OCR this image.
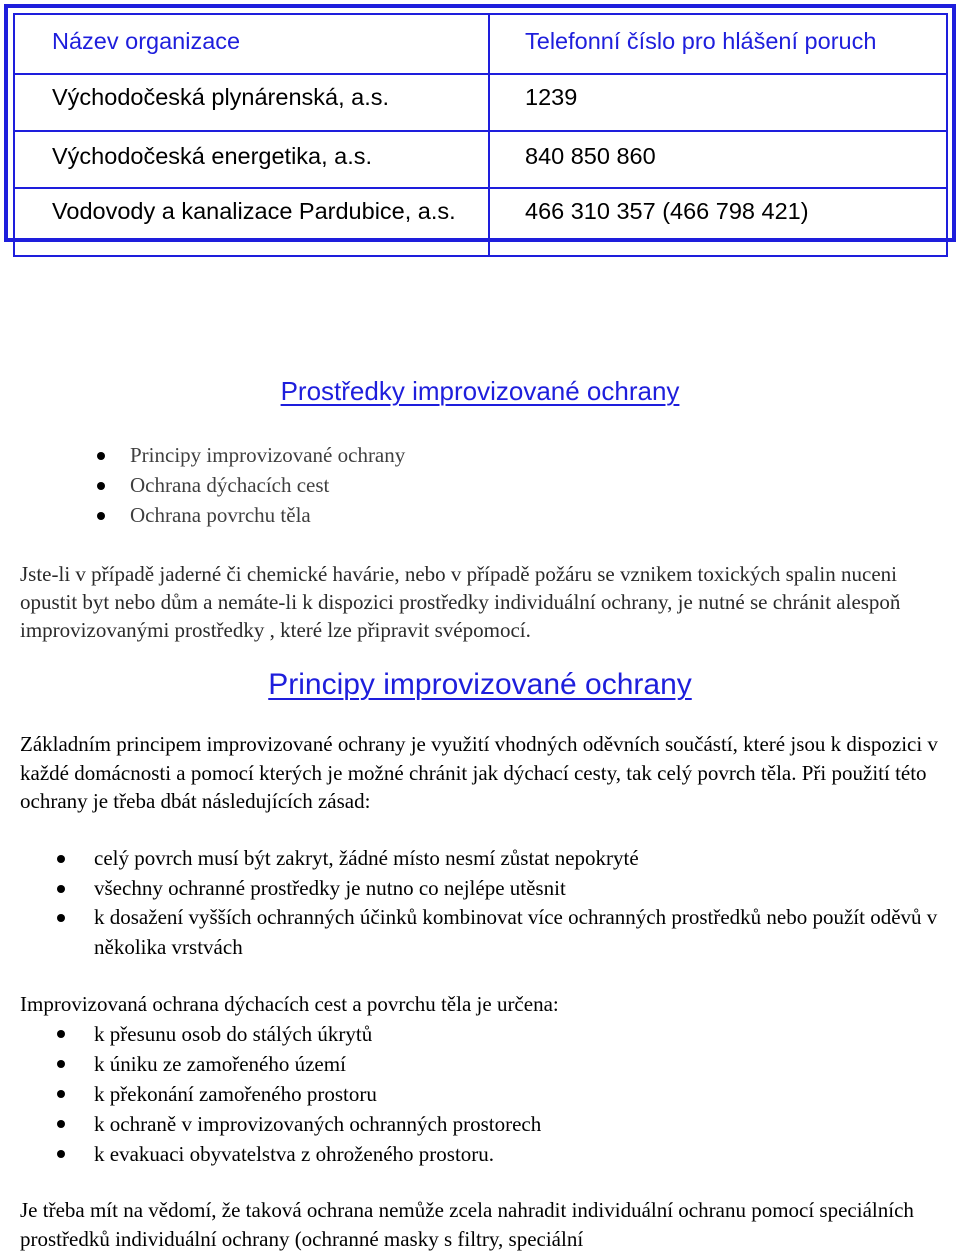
Název organizace	Telefonní číslo pro hlášení poruch
Východočeská plynárenská, a.s.	1239
Východočeská energetika, a.s.	840 850 860
Vodovody a kanalizace Pardubice, a.s.	466 310 357 (466 798 421)
Prostředky improvizované ochrany
Principy improvizované ochrany
Ochrana dýchacích cest
Ochrana povrchu těla

Jste-li v případě jaderné či chemické havárie, nebo v případě požáru se vznikem toxických spalin nuceni opustit byt nebo dům a nemáte-li k dispozici prostředky individuální ochrany, je nutné se chránit alespoň improvizovanými prostředky , které lze připravit svépomocí.

Principy improvizované ochrany

Základním principem improvizované ochrany je využití vhodných oděvních součástí, které jsou k dispozici v každé domácnosti a pomocí kterých je možné chránit jak dýchací cesty, tak celý povrch těla. Při použití této ochrany je třeba dbát následujících zásad:

celý povrch musí být zakryt, žádné místo nesmí zůstat nepokryté
všechny ochranné prostředky je nutno co nejlépe utěsnit
k dosažení vyšších ochranných účinků kombinovat více ochranných prostředků nebo použít oděvů v několika vrstvách

Improvizovaná ochrana dýchacích cest a povrchu těla je určena:

k přesunu osob do stálých úkrytů
k úniku ze zamořeného území
k překonání zamořeného prostoru
k ochraně v improvizovaných ochranných prostorech
k evakuaci obyvatelstva z ohroženého prostoru.

Je třeba mít na vědomí, že taková ochrana nemůže zcela nahradit individuální ochranu pomocí speciálních prostředků individuální ochrany (ochranné masky s filtry, speciální
